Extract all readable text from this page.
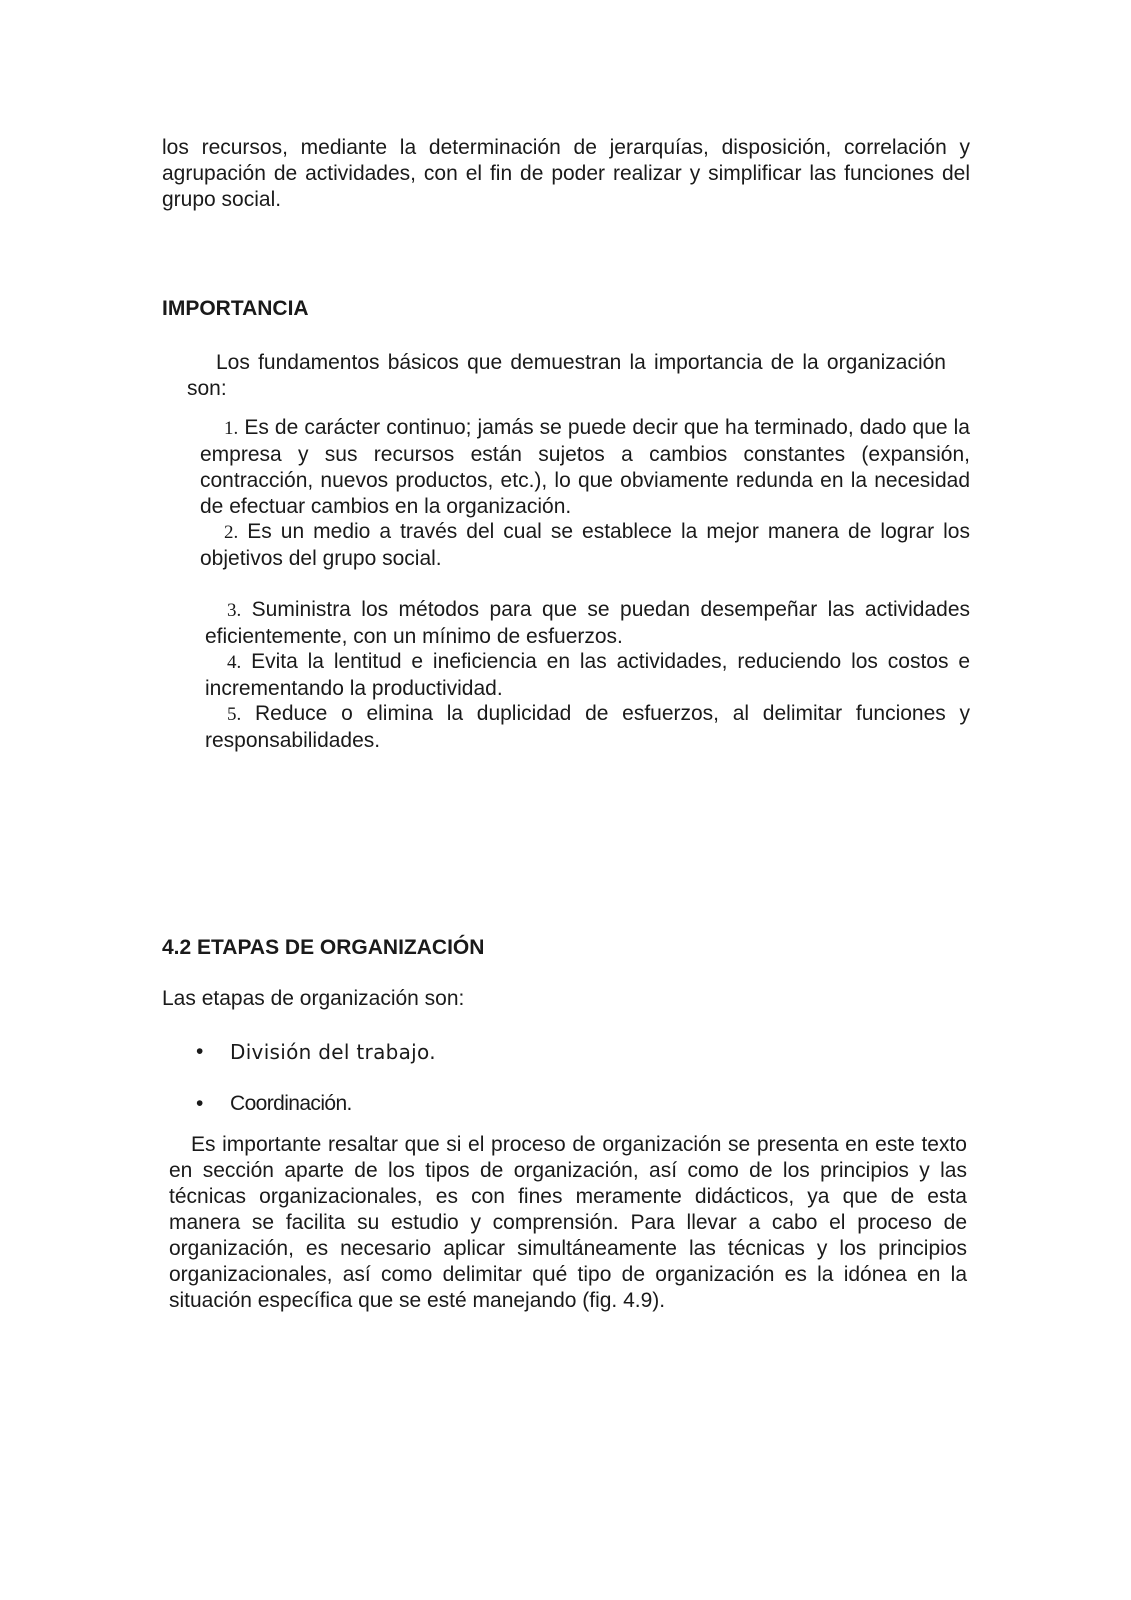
los recursos, mediante la determinación de jerarquías, disposición, correlación y agrupación de actividades, con el fin de poder realizar y simplificar las funciones del grupo social.

IMPORTANCIA

Los fundamentos básicos que demuestran la importancia de la organización son:

1. Es de carácter continuo; jamás se puede decir que ha terminado, dado que la empresa y sus recursos están sujetos a cambios constantes (expansión, contracción, nuevos productos, etc.), lo que obviamente redunda en la necesidad de efectuar cambios en la organización.

2. Es un medio a través del cual se establece la mejor manera de lograr los objetivos del grupo social.

3. Suministra los métodos para que se puedan desempeñar las actividades eficientemente, con un mínimo de esfuerzos.

4. Evita la lentitud e ineficiencia en las actividades, reduciendo los costos e incrementando la productividad.

5. Reduce o elimina la duplicidad de esfuerzos, al delimitar funciones y responsabilidades.

4.2 ETAPAS DE ORGANIZACIÓN

Las etapas de organización son:

• División del trabajo.
• Coordinación.

Es importante resaltar que si el proceso de organización se presenta en este texto en sección aparte de los tipos de organización, así como de los principios y las técnicas organizacionales, es con fines meramente didácticos, ya que de esta manera se facilita su estudio y comprensión. Para llevar a cabo el proceso de organización, es necesario aplicar simultáneamente las técnicas y los principios organizacionales, así como delimitar qué tipo de organización es la idónea en la situación específica que se esté manejando (fig. 4.9).
